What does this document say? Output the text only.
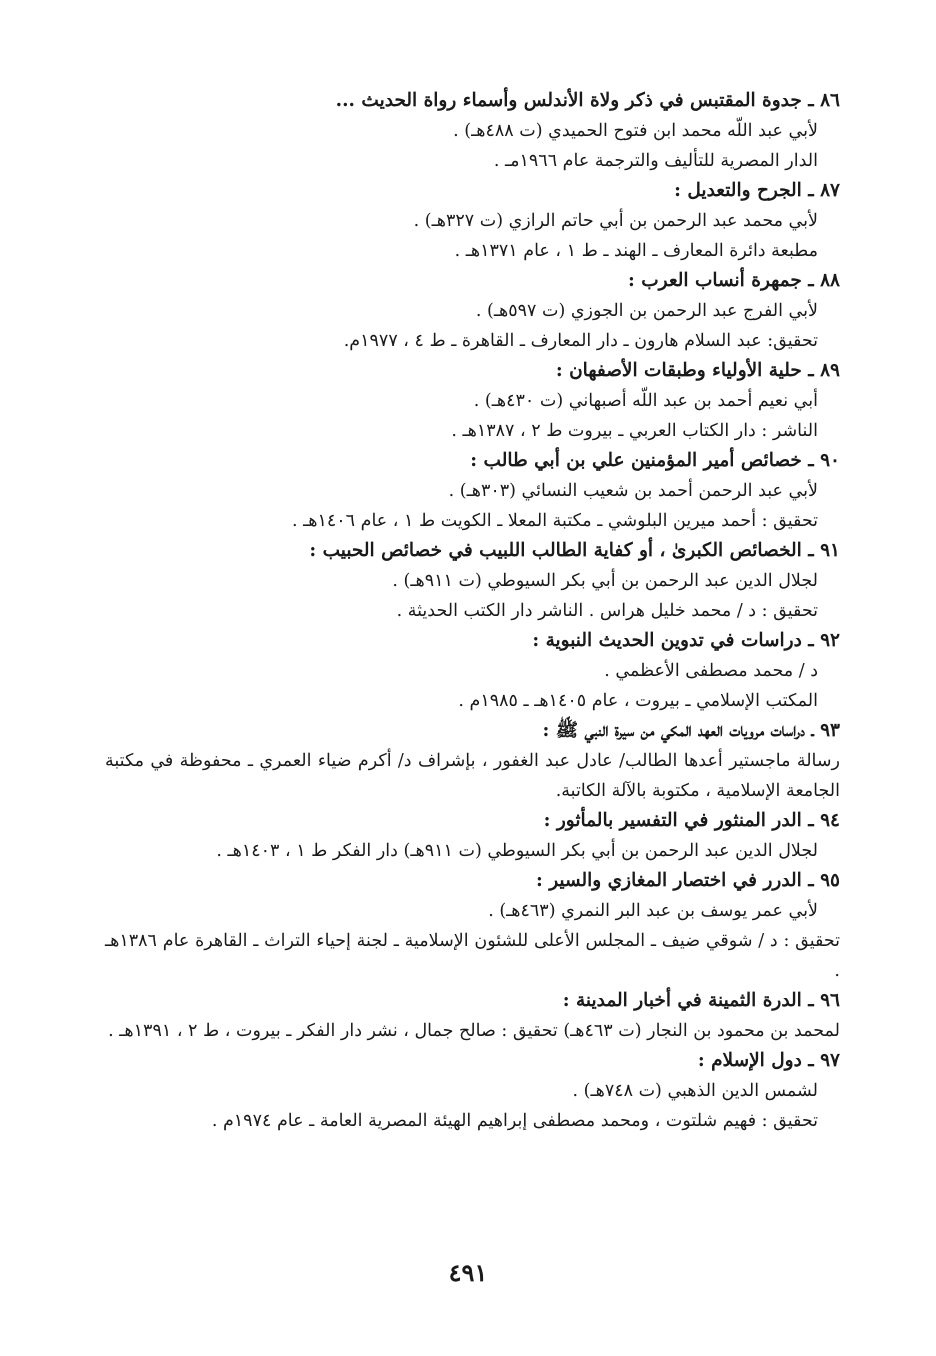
٨٦ ـ جدوة المقتبس في ذكر ولاة الأندلس وأسماء رواة الحديث ...
لأبي عبد اللّه محمد ابن فتوح الحميدي (ت ٤٨٨هـ) .
الدار المصرية للتأليف والترجمة عام ١٩٦٦مـ .
٨٧ ـ الجرح والتعديل :
لأبي محمد عبد الرحمن بن أبي حاتم الرازي (ت ٣٢٧هـ) .
مطبعة دائرة المعارف ـ الهند ـ ط ١ ، عام ١٣٧١هـ .
٨٨ ـ جمهرة أنساب العرب :
لأبي الفرج عبد الرحمن بن الجوزي (ت ٥٩٧هـ) .
تحقيق: عبد السلام هارون ـ دار المعارف ـ القاهرة ـ ط ٤ ، ١٩٧٧م.
٨٩ ـ حلية الأولياء وطبقات الأصفهان :
أبي نعيم أحمد بن عبد اللّه أصبهاني (ت ٤٣٠هـ) .
الناشر : دار الكتاب العربي ـ بيروت ط ٢ ، ١٣٨٧هـ .
٩٠ ـ خصائص أمير المؤمنين علي بن أبي طالب :
لأبي عبد الرحمن أحمد بن شعيب النسائي (٣٠٣هـ) .
تحقيق : أحمد ميرين البلوشي ـ مكتبة المعلا ـ الكويت ط ١ ، عام ١٤٠٦هـ .
٩١ ـ الخصائص الكبرىٰ ، أو كفاية الطالب اللبيب في خصائص الحبيب :
لجلال الدين عبد الرحمن بن أبي بكر السيوطي (ت ٩١١هـ) .
تحقيق : د / محمد خليل هراس . الناشر دار الكتب الحديثة .
٩٢ ـ دراسات في تدوين الحديث النبوية :
د / محمد مصطفى الأعظمي .
المكتب الإسلامي ـ بيروت ، عام ١٤٠٥هـ ـ ١٩٨٥م .
٩٣ ـ دراسات مرويات العهد المكي من سيرة النبي ﷺ :
رسالة ماجستير أعدها الطالب/ عادل عبد الغفور ، بإشراف د/ أكرم ضياء العمري ـ محفوظة في مكتبة الجامعة الإسلامية ، مكتوبة بالآلة الكاتبة.
٩٤ ـ الدر المنثور في التفسير بالمأثور :
لجلال الدين عبد الرحمن بن أبي بكر السيوطي (ت ٩١١هـ) دار الفكر ط ١ ، ١٤٠٣هـ .
٩٥ ـ الدرر في اختصار المغازي والسير :
لأبي عمر يوسف بن عبد البر النمري (٤٦٣هـ) .
تحقيق : د / شوقي ضيف ـ المجلس الأعلى للشئون الإسلامية ـ لجنة إحياء التراث ـ القاهرة عام ١٣٨٦هـ .
٩٦ ـ الدرة الثمينة في أخبار المدينة :
لمحمد بن محمود بن النجار (ت ٤٦٣هـ) تحقيق : صالح جمال ، نشر دار الفكر ـ بيروت ، ط ٢ ، ١٣٩١هـ .
٩٧ ـ دول الإسلام :
لشمس الدين الذهبي (ت ٧٤٨هـ) .
تحقيق : فهيم شلتوت ، ومحمد مصطفى إبراهيم الهيئة المصرية العامة ـ عام ١٩٧٤م .
٤٩١
